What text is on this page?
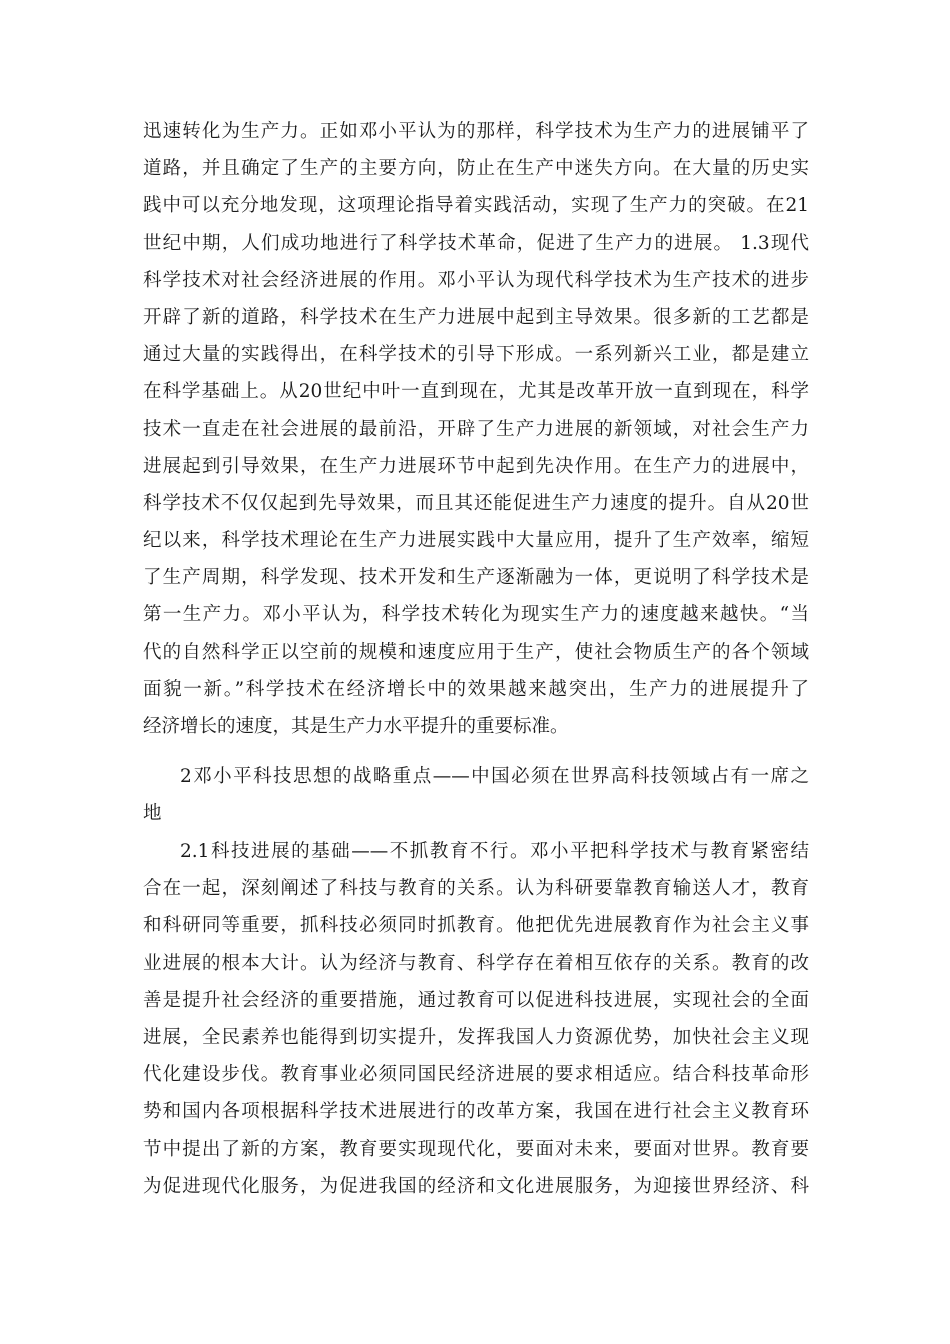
迅速转化为生产力。正如邓小平认为的那样，科学技术为生产力的进展铺平了
道路，并且确定了生产的主要方向，防止在生产中迷失方向。在大量的历史实
践中可以充分地发现，这项理论指导着实践活动，实现了生产力的突破。在21
世纪中期，人们成功地进行了科学技术革命，促进了生产力的进展。 1.3现代
科学技术对社会经济进展的作用。邓小平认为现代科学技术为生产技术的进步
开辟了新的道路，科学技术在生产力进展中起到主导效果。很多新的工艺都是
通过大量的实践得出，在科学技术的引导下形成。一系列新兴工业，都是建立
在科学基础上。从20世纪中叶一直到现在，尤其是改革开放一直到现在，科学
技术一直走在社会进展的最前沿，开辟了生产力进展的新领域，对社会生产力
进展起到引导效果，在生产力进展环节中起到先决作用。在生产力的进展中，
科学技术不仅仅起到先导效果，而且其还能促进生产力速度的提升。自从20世
纪以来，科学技术理论在生产力进展实践中大量应用，提升了生产效率，缩短
了生产周期，科学发现、技术开发和生产逐渐融为一体，更说明了科学技术是
第一生产力。邓小平认为，科学技术转化为现实生产力的速度越来越快。“当
代的自然科学正以空前的规模和速度应用于生产，使社会物质生产的各个领域
面貌一新。”科学技术在经济增长中的效果越来越突出，生产力的进展提升了
经济增长的速度，其是生产力水平提升的重要标准。
2邓小平科技思想的战略重点——中国必须在世界高科技领域占有一席之
地
2.1科技进展的基础——不抓教育不行。邓小平把科学技术与教育紧密结
合在一起，深刻阐述了科技与教育的关系。认为科研要靠教育输送人才，教育
和科研同等重要，抓科技必须同时抓教育。他把优先进展教育作为社会主义事
业进展的根本大计。认为经济与教育、科学存在着相互依存的关系。教育的改
善是提升社会经济的重要措施，通过教育可以促进科技进展，实现社会的全面
进展，全民素养也能得到切实提升，发挥我国人力资源优势，加快社会主义现
代化建设步伐。教育事业必须同国民经济进展的要求相适应。结合科技革命形
势和国内各项根据科学技术进展进行的改革方案，我国在进行社会主义教育环
节中提出了新的方案，教育要实现现代化，要面对未来，要面对世界。教育要
为促进现代化服务，为促进我国的经济和文化进展服务，为迎接世界经济、科
